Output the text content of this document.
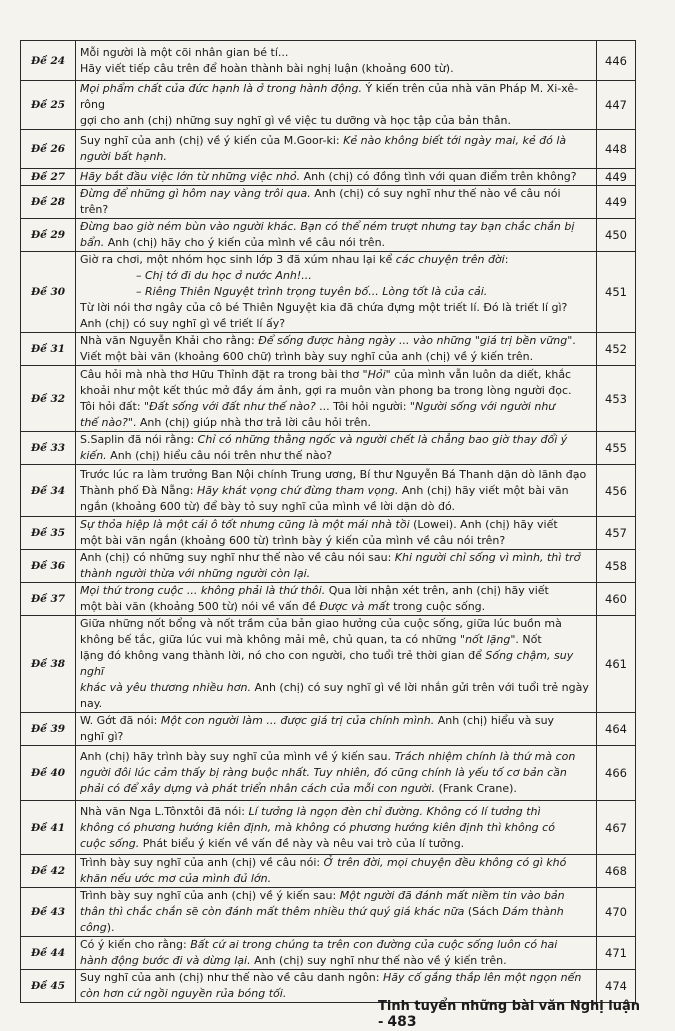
Đề 24	Mỗi người là một cõi nhân gian bé tí...
Hãy viết tiếp câu trên để hoàn thành bài nghị luận (khoảng 600 từ).	446
Đề 25	Mọi phẩm chất của đức hạnh là ở trong hành động. Ý kiến trên của nhà văn Pháp M. Xi-xê-rông
gợi cho anh (chị) những suy nghĩ gì về việc tu dưỡng và học tập của bản thân.	447
Đề 26	Suy nghĩ của anh (chị) về ý kiến của M.Goor-ki: Kẻ nào không biết tới ngày mai, kẻ đó là
người bất hạnh.	448
Đề 27	Hãy bắt đầu việc lớn từ những việc nhỏ. Anh (chị) có đồng tình với quan điểm trên không?	449
Đề 28	Đừng để những gì hôm nay vàng trôi qua. Anh (chị) có suy nghĩ như thế nào về câu nói trên?	449
Đề 29	Đừng bao giờ ném bùn vào người khác. Bạn có thể ném trượt nhưng tay bạn chắc chắn bị
bẩn. Anh (chị) hãy cho ý kiến của mình về câu nói trên.	450
Đề 30	Giờ ra chơi, một nhóm học sinh lớp 3 đã xúm nhau lại kể các chuyện trên đời:
– Chị tớ đi du học ở nước Anh!...
– Riêng Thiên Nguyệt trình trọng tuyên bố... Lòng tốt là của cải.
Từ lời nói thơ ngây của cô bé Thiên Nguyệt kia đã chứa đựng một triết lí. Đó là triết lí gì?
Anh (chị) có suy nghĩ gì về triết lí ấy?	451
Đề 31	Nhà văn Nguyễn Khải cho rằng: Để sống được hàng ngày ... vào những "giá trị bền vững".
Viết một bài văn (khoảng 600 chữ) trình bày suy nghĩ của anh (chị) về ý kiến trên.	452
Đề 32	Câu hỏi mà nhà thơ Hữu Thỉnh đặt ra trong bài thơ "Hỏi" của mình vẫn luôn da diết, khắc
khoải như một kết thúc mở đầy ám ảnh, gợi ra muôn vàn phong ba trong lòng người đọc.
Tôi hỏi đất: "Đất sống với đất như thế nào? ... Tôi hỏi người: "Người sống với người như
thế nào?". Anh (chị) giúp nhà thơ trả lời câu hỏi trên.	453
Đề 33	S.Saplin đã nói rằng: Chỉ có những thằng ngốc và người chết là chẳng bao giờ thay đổi ý
kiến. Anh (chị) hiểu câu nói trên như thế nào?	455
Đề 34	Trước lúc ra làm trưởng Ban Nội chính Trung ương, Bí thư Nguyễn Bá Thanh dặn dò lãnh đạo
Thành phố Đà Nẵng: Hãy khát vọng chứ đừng tham vọng. Anh (chị) hãy viết một bài văn
ngắn (khoảng 600 từ) để bày tỏ suy nghĩ của mình về lời dặn dò đó.	456
Đề 35	Sự thỏa hiệp là một cái ô tốt nhưng cũng là một mái nhà tồi (Lowei). Anh (chị) hãy viết
một bài văn ngắn (khoảng 600 từ) trình bày ý kiến của mình về câu nói trên?	457
Đề 36	Anh (chị) có những suy nghĩ như thế nào về câu nói sau: Khi người chỉ sống vì mình, thì trở
thành người thừa với những người còn lại.	458
Đề 37	Mọi thứ trong cuộc ... không phải là thứ thôi. Qua lời nhận xét trên, anh (chị) hãy viết
một bài văn (khoảng 500 từ) nói về vấn đề Được và mất trong cuộc sống.	460
Đề 38	Giữa những nốt bổng và nốt trầm của bản giao hưởng của cuộc sống, giữa lúc buồn mà
không bế tắc, giữa lúc vui mà không mải mê, chủ quan, ta có những "nốt lặng". Nốt
lặng đó không vang thành lời, nó cho con người, cho tuổi trẻ thời gian để Sống chậm, suy nghĩ
khác và yêu thương nhiều hơn. Anh (chị) có suy nghĩ gì về lời nhắn gửi trên với tuổi trẻ ngày nay.	461
Đề 39	W. Gớt đã nói: Một con người làm ... được giá trị của chính mình. Anh (chị) hiểu và suy
nghĩ gì?	464
Đề 40	Anh (chị) hãy trình bày suy nghĩ của mình về ý kiến sau. Trách nhiệm chính là thứ mà con
người đôi lúc cảm thấy bị ràng buộc nhất. Tuy nhiên, đó cũng chính là yếu tố cơ bản cần
phải có để xây dựng và phát triển nhân cách của mỗi con người. (Frank Crane).	466
Đề 41	Nhà văn Nga L.Tônxtôi đã nói: Lí tưởng là ngọn đèn chỉ đường. Không có lí tưởng thì
không có phương hướng kiên định, mà không có phương hướng kiên định thì không có
cuộc sống. Phát biểu ý kiến về vấn đề này và nêu vai trò của lí tưởng.	467
Đề 42	Trình bày suy nghĩ của anh (chị) về câu nói: Ở trên đời, mọi chuyện đều không có gì khó
khăn nếu ước mơ của mình đủ lớn.	468
Đề 43	Trình bày suy nghĩ của anh (chị) về ý kiến sau: Một người đã đánh mất niềm tin vào bản
thân thì chắc chắn sẽ còn đánh mất thêm nhiều thứ quý giá khác nữa (Sách Dám thành công).	470
Đề 44	Có ý kiến cho rằng: Bất cứ ai trong chúng ta trên con đường của cuộc sống luôn có hai
hành động bước đi và dừng lại. Anh (chị) suy nghĩ như thế nào về ý kiến trên.	471
Đề 45	Suy nghĩ của anh (chị) như thế nào về câu danh ngôn: Hãy cố gắng thắp lên một ngọn nến
còn hơn cứ ngồi nguyền rủa bóng tối.	474
Tinh tuyển những bài văn Nghị luận - 483
